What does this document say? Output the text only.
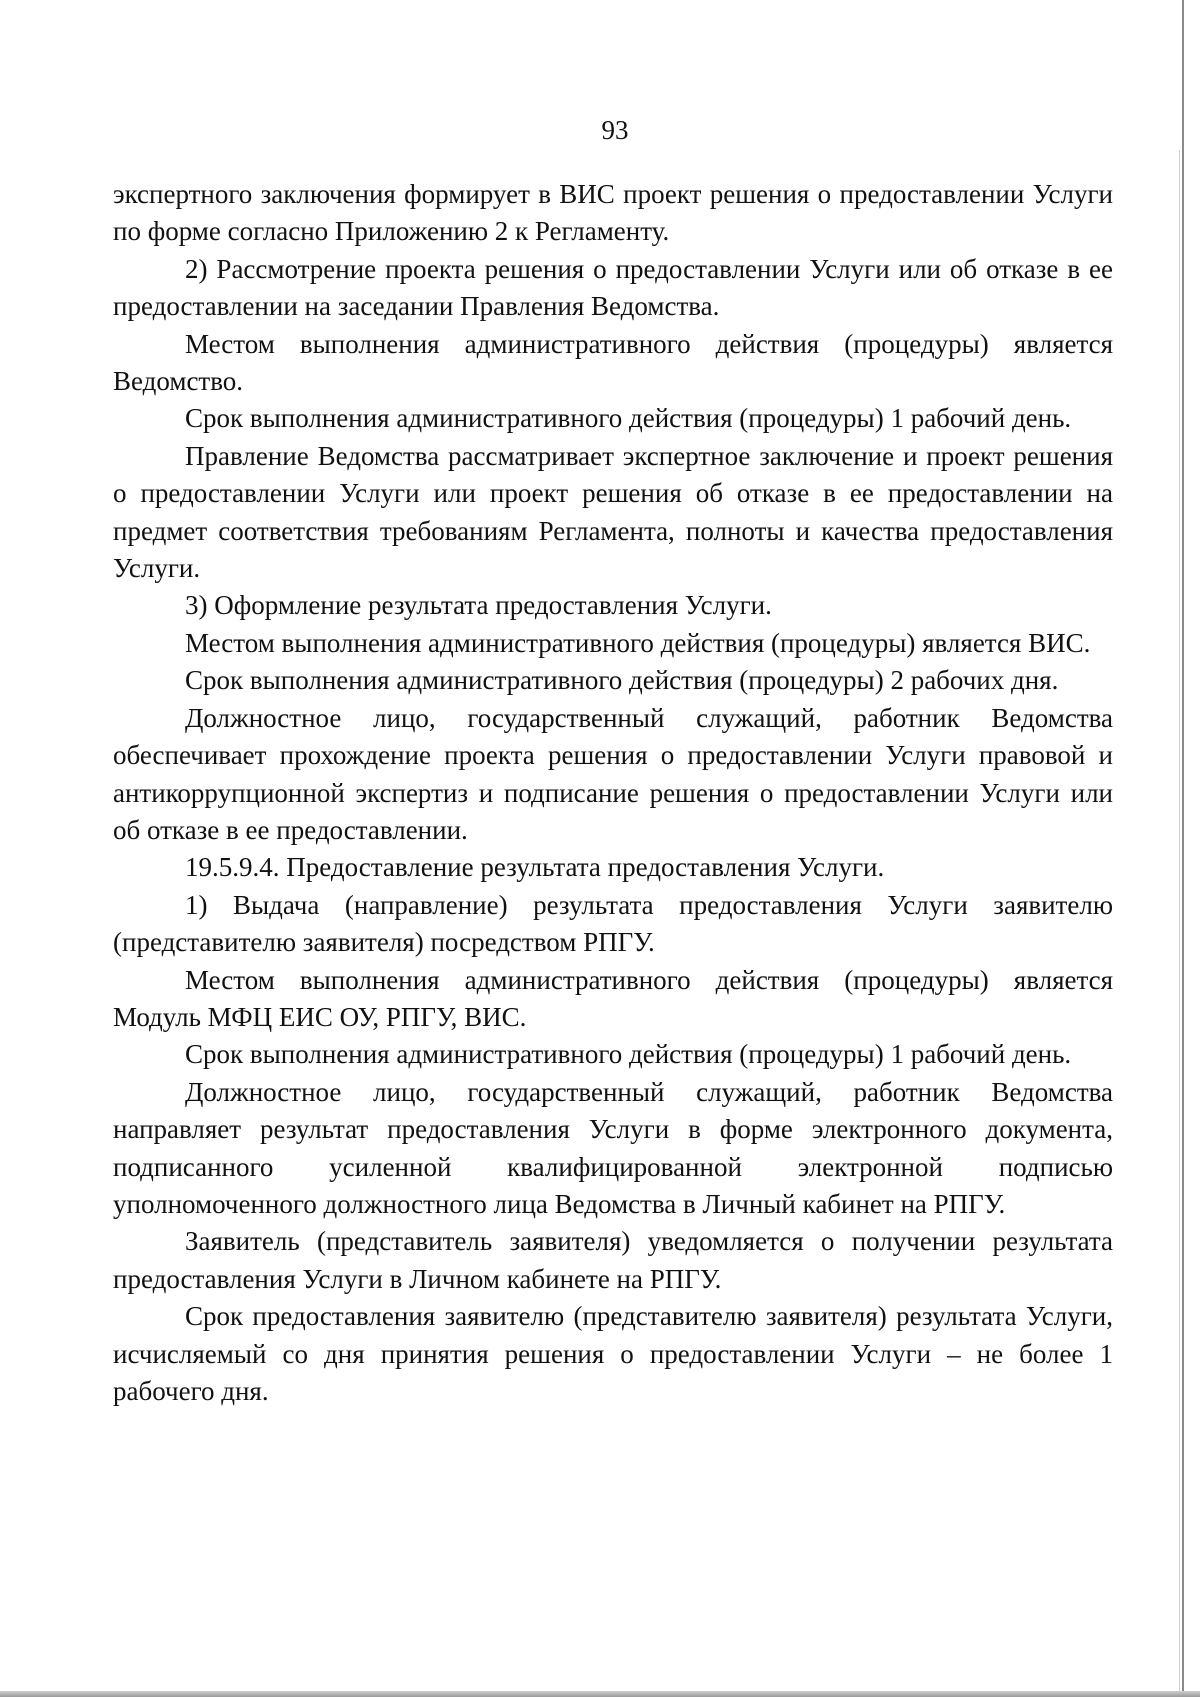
93

экспертного заключения формирует в ВИС проект решения о предоставлении Услуги по форме согласно Приложению 2 к Регламенту.

2) Рассмотрение проекта решения о предоставлении Услуги или об отказе в ее предоставлении на заседании Правления Ведомства.

Местом выполнения административного действия (процедуры) является Ведомство.

Срок выполнения административного действия (процедуры) 1 рабочий день.

Правление Ведомства рассматривает экспертное заключение и проект решения о предоставлении Услуги или проект решения об отказе в ее предоставлении на предмет соответствия требованиям Регламента, полноты и качества предоставления Услуги.

3) Оформление результата предоставления Услуги.

Местом выполнения административного действия (процедуры) является ВИС.

Срок выполнения административного действия (процедуры) 2 рабочих дня.

Должностное лицо, государственный служащий, работник Ведомства обеспечивает прохождение проекта решения о предоставлении Услуги правовой и антикоррупционной экспертиз и подписание решения о предоставлении Услуги или об отказе в ее предоставлении.

19.5.9.4. Предоставление результата предоставления Услуги.

1) Выдача (направление) результата предоставления Услуги заявителю (представителю заявителя) посредством РПГУ.

Местом выполнения административного действия (процедуры) является Модуль МФЦ ЕИС ОУ, РПГУ, ВИС.

Срок выполнения административного действия (процедуры) 1 рабочий день.

Должностное лицо, государственный служащий, работник Ведомства направляет результат предоставления Услуги в форме электронного документа, подписанного усиленной квалифицированной электронной подписью уполномоченного должностного лица Ведомства в Личный кабинет на РПГУ.

Заявитель (представитель заявителя) уведомляется о получении результата предоставления Услуги в Личном кабинете на РПГУ.

Срок предоставления заявителю (представителю заявителя) результата Услуги, исчисляемый со дня принятия решения о предоставлении Услуги – не более 1 рабочего дня.
